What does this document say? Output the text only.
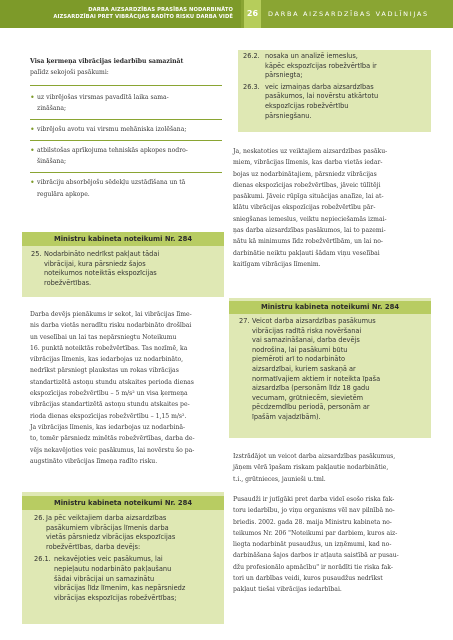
DARBA AIZSARDZĪBAS PRASĪBAS NODARBINĀTO
AIZSARDZĪBAI PRET VIBRĀCIJAS RADĪTO RISKU DARBA VIDĒ	26	DARBA AIZSARDZĪBAS VADLĪNIJAS
Visa ķermeņa vibrācijas iedarbību samazināt
palīdz sekojoši pasākumi:
• uz vibrējošas virsmas pavadītā laika sama-
zināšana;
• vibrējošu avotu vai virsmu mehāniska izolēšana;
• atbilstošas aprīkojuma tehniskās apkopes nodro-
šināšana;
• vibrāciju absorbējošu sēdekļu uzstādīšana un tā
regulāra apkope.
Ministru kabineta noteikumi Nr. 284
25. Nodarbināto nedrīkst pakļaut tādai
vibrācijai, kura pārsniedz šajos
noteikumos noteiktās ekspozīcijas
robežvērtības.
Darba devējs pienākums ir sekot, lai vibrācijas līme-
nis darba vietās neradītu risku nodarbināto drošībai
un veselībai un lai tas nepārsniegtu Noteikumu
16. punktā noteiktās robežvērtības. Tas nozīmē, ka
vibrācijas līmenis, kas iedarbojas uz nodarbināto,
nedrīkst pārsniegt plaukstas un rokas vibrācijas
standartizētā astoņu stundu atskaites perioda dienas
ekspozīcijas robežvērtību – 5 m/s² un visa ķermeņa
vibrācijas standartizētā astoņu stundu atskaites pe-
rioda dienas ekspozīcijas robežvērtību – 1,15 m/s².
Ja vibrācijas līmenis, kas iedarbojas uz nodarbinā-
to, tomēr pārsniedz minētās robežvērtības, darba de-
vējs nekavējoties veic pasākumus, lai novērstu šo pa-
augstināto vibrācijas līmeņa radīto risku.
Ministru kabineta noteikumi Nr. 284
26. Ja pēc veiktajiem darba aizsardzības
pasākumiem vibrācijas līmenis darba
vietās pārsniedz vibrācijas ekspozīcijas
robežvērtības, darba devējs:
26.1. nekavējoties veic pasākumus, lai
nepieļautu nodarbināto pakļaušanu
šādai vibrācijai un samazinātu
vibrācijas līdz līmenim, kas nepārsniedz
vibrācijas ekspozīcijas robežvērtības;
26.2. nosaka un analizē iemeslus,
kāpēc ekspozīcijas robežvērtība ir
pārsniegta;
26.3. veic izmaiņas darba aizsardzības
pasākumos, lai novērstu atkārtotu
ekspozīcijas robežvērtību
pārsniegšanu.
Ja, neskatoties uz veiktajiem aizsardzības pasāku-
miem, vibrācijas līmenis, kas darba vietās iedar-
bojas uz nodarbinātajiem, pārsniedz vibrācijas
dienas ekspozīcijas robežvērtības, jāveic tūlītēji
pasākumi. Jāveic rūpīga situācijas analīze, lai at-
klātu vibrācijas ekspozīcijas robežvērtību pār-
sniegšanas iemeslus, veiktu nepieciešamās izmai-
ņas darba aizsardzības pasākumos, lai to pazemi-
nātu kā minimums līdz robežvērtībām, un lai no-
darbinātie neiktu pakļauti šādam viņu veselībai
kaitīgam vibrācijas līmenim.
Ministru kabineta noteikumi Nr. 284
27. Veicot darba aizsardzības pasākumus
vibrācijas radītā riska novēršanai
vai samazināšanai, darba devējs
nodrošina, lai pasākumi būtu
piemēroti arī to nodarbināto
aizsardzībai, kuriem saskaņā ar
normatīvajiem aktiem ir noteikta īpaša
aizsardzība (personām līdz 18 gadu
vecumam, grūtniecēm, sievietēm
pēcdzemdību periodā, personām ar
īpašām vajadzībām).
Izstrādājot un veicot darba aizsardzības pasākumus,
jāņem vērā īpašam riskam pakļautie nodarbinātie,
t.i., grūtnieces, jaunieši u.tml.
Pusaudži ir jutīgāki pret darba videī esošo riska fak-
toru iedarbību, jo viņu organisms vēl nav pilnībā no-
briedis. 2002. gada 28. maija Ministru kabineta no-
teikumos Nr. 206 "Noteikumi par darbiem, kuros aiz-
liegta nodarbināt pusaudžus, un izņēmumi, kad no-
darbināšana šajos darbos ir atļauta saistībā ar pusau-
džu profesionālo apmācību" ir norādīti tie riska fak-
tori un darbības veidi, kuros pusaudžus nedrīkst
pakļaut tiešai vibrācijas iedarbībai.
